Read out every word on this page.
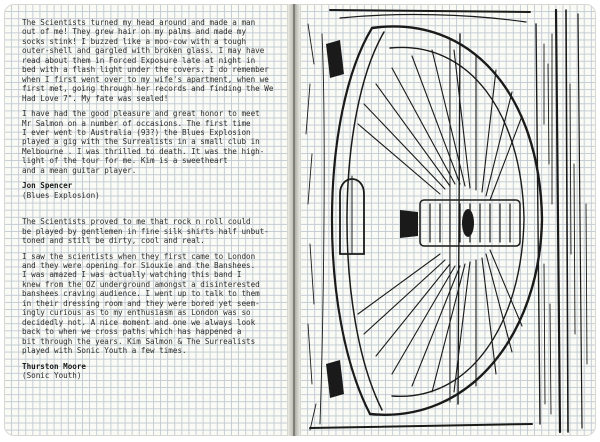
The Scientists turned my head around and made a man
out of me! They grew hair on my palms and made my
socks stink! I buzzed like a moo-cow with a tough
outer-shell and gargled with broken glass. I may have
read about them in Forced Exposure late at night in
bed with a flash light under the covers. I do remember
when I first went over to my wife's apartment, when we
first met, going through her records and finding the We
Had Love 7". My fate was sealed!

I have had the good pleasure and great honor to meet
Mr Salmon on a number of occasions. The first time
I ever went to Australia (93?) the Blues Explosion
played a gig with the Surrealists in a small club in
Melbourne . I was thrilled to death. It was the high-
light of the tour for me. Kim is a sweetheart
and a mean guitar player.

Jon Spencer

(Blues Explosion)

The Scientists proved to me that rock n roll could
be played by gentlemen in fine silk shirts half unbut-
toned and still be dirty, cool and real.

I saw the scientists when they first came to London
and they were opening for Siouxie and the Banshees.
I was amazed I was actually watching this band I
knew from the OZ underground amongst a disinterested
banshees craving audience. I went up to talk to them
in their dressing room and they were bored yet seem-
ingly curious as to my enthusiasm as London was so
decidedly not. A nice moment and one we always look
back to when we cross paths which has happened a
bit through the years. Kim Salmon & The Surrealists
played with Sonic Youth a few times.

Thurston Moore

(Sonic Youth)
